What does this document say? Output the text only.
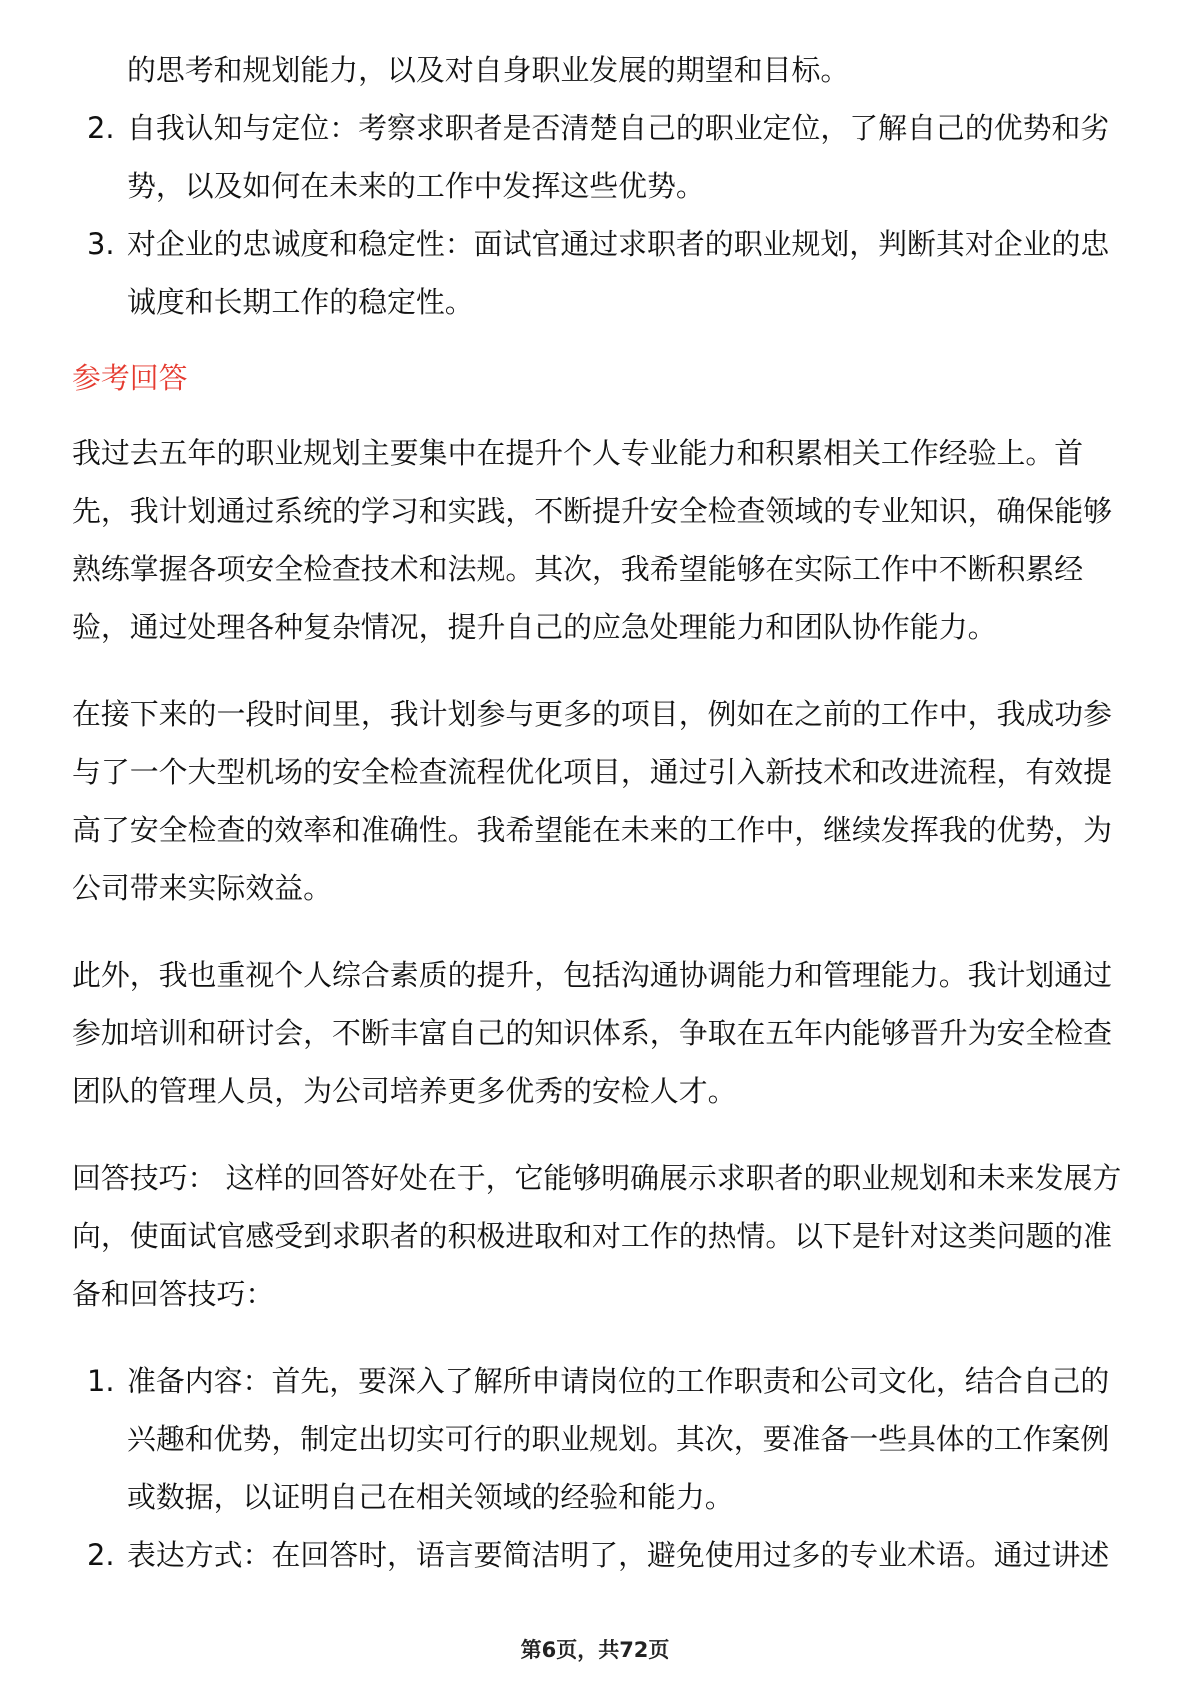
的思考和规划能力，以及对自身职业发展的期望和目标。
2. 自我认知与定位：考察求职者是否清楚自己的职业定位，了解自己的优势和劣
势，以及如何在未来的工作中发挥这些优势。
3. 对企业的忠诚度和稳定性：面试官通过求职者的职业规划，判断其对企业的忠
诚度和长期工作的稳定性。
参考回答
我过去五年的职业规划主要集中在提升个人专业能力和积累相关工作经验上。首
先，我计划通过系统的学习和实践，不断提升安全检查领域的专业知识，确保能够
熟练掌握各项安全检查技术和法规。其次，我希望能够在实际工作中不断积累经
验，通过处理各种复杂情况，提升自己的应急处理能力和团队协作能力。
在接下来的一段时间里，我计划参与更多的项目，例如在之前的工作中，我成功参
与了一个大型机场的安全检查流程优化项目，通过引入新技术和改进流程，有效提
高了安全检查的效率和准确性。我希望能在未来的工作中，继续发挥我的优势，为
公司带来实际效益。
此外，我也重视个人综合素质的提升，包括沟通协调能力和管理能力。我计划通过
参加培训和研讨会，不断丰富自己的知识体系，争取在五年内能够晋升为安全检查
团队的管理人员，为公司培养更多优秀的安检人才。
回答技巧： 这样的回答好处在于，它能够明确展示求职者的职业规划和未来发展方
向，使面试官感受到求职者的积极进取和对工作的热情。以下是针对这类问题的准
备和回答技巧：
1. 准备内容：首先，要深入了解所申请岗位的工作职责和公司文化，结合自己的
兴趣和优势，制定出切实可行的职业规划。其次，要准备一些具体的工作案例
或数据，以证明自己在相关领域的经验和能力。
2. 表达方式：在回答时，语言要简洁明了，避免使用过多的专业术语。通过讲述
第6页，共72页
